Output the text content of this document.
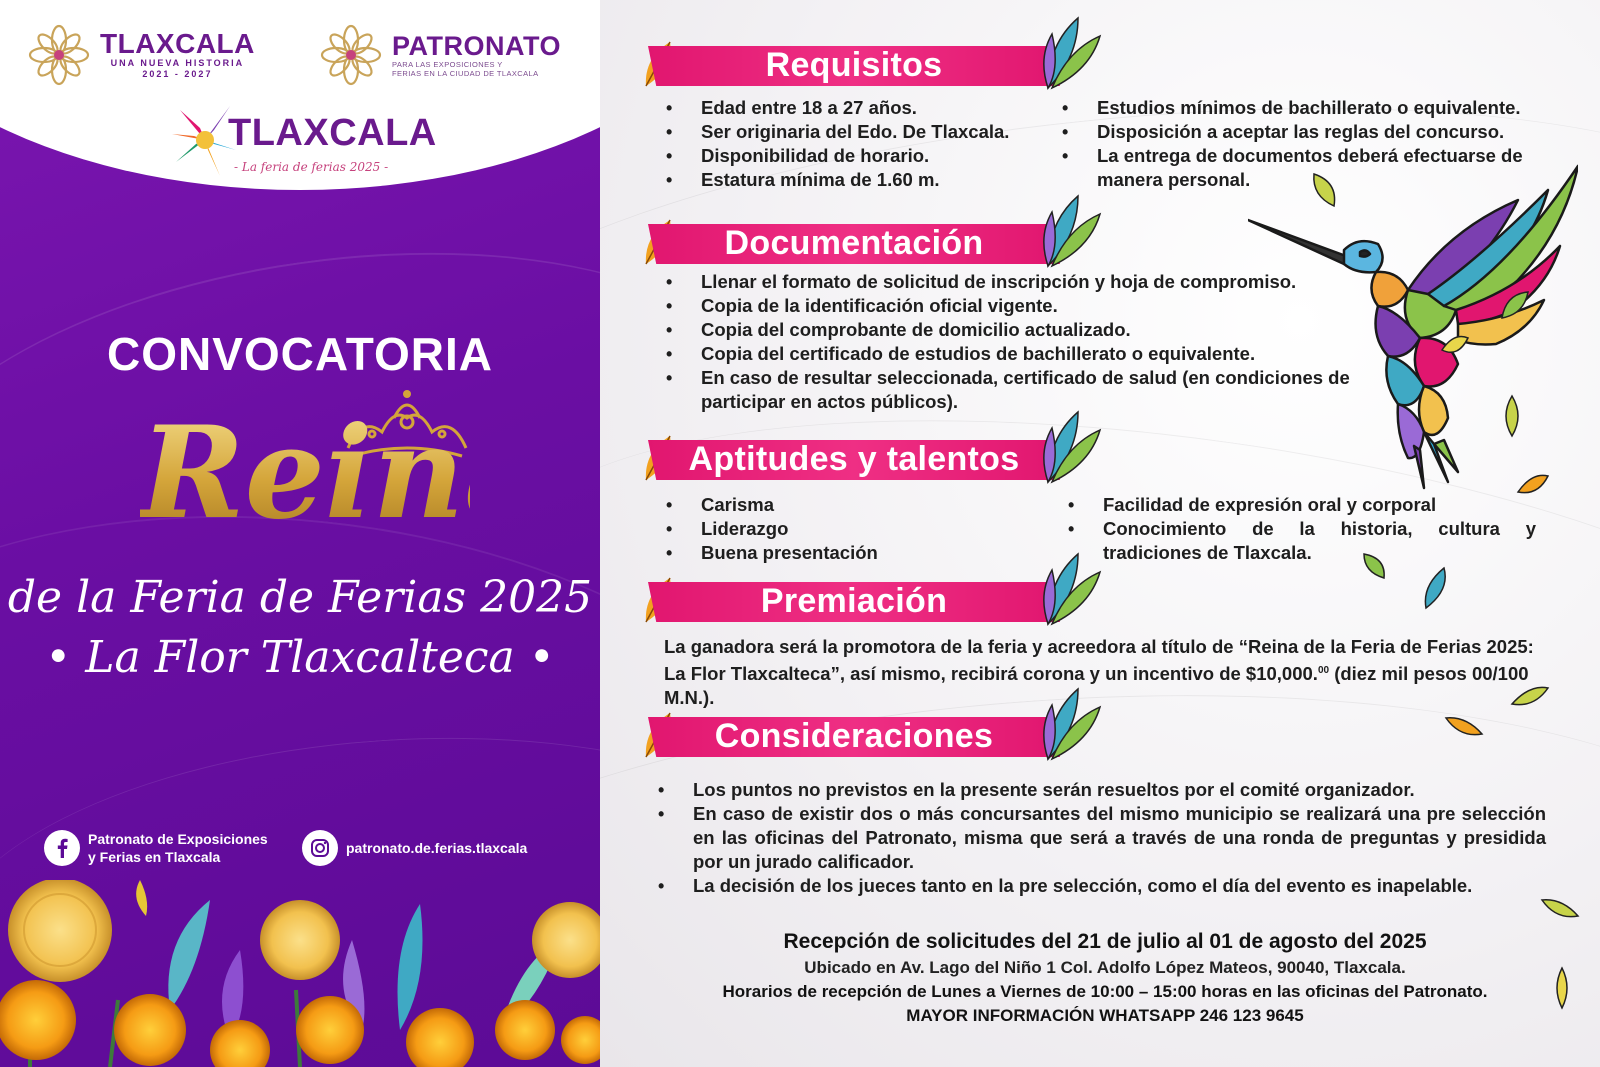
TLAXCALA
UNA NUEVA HISTORIA
2021 - 2027
PATRONATO
PARA LAS EXPOSICIONES Y
FERIAS EN LA CIUDAD DE TLAXCALA
TLAXCALA
- La feria de ferias 2025 -
CONVOCATORIA
Reina
de la Feria de Ferias 2025
• La Flor Tlaxcalteca •
Patronato de Exposiciones
y Ferias en Tlaxcala
patronato.de.ferias.tlaxcala
Requisitos
• Edad entre 18 a 27 años.
• Ser originaria del Edo. De Tlaxcala.
• Disponibilidad de horario.
• Estatura mínima de 1.60 m.
• Estudios mínimos de bachillerato o equivalente.
• Disposición a aceptar las reglas del concurso.
• La entrega de documentos deberá efectuarse de manera personal.
Documentación
• Llenar el formato de solicitud de inscripción y hoja de compromiso.
• Copia de la identificación oficial vigente.
• Copia del comprobante de domicilio actualizado.
• Copia del certificado de estudios de bachillerato o equivalente.
• En caso de resultar seleccionada, certificado de salud (en condiciones de participar en actos públicos).
Aptitudes y talentos
• Carisma
• Liderazgo
• Buena presentación
• Facilidad de expresión oral y corporal
• Conocimiento de la historia, cultura y tradiciones de Tlaxcala.
Premiación
La ganadora será la promotora de la feria y acreedora al título de “Reina de la Feria de Ferias 2025: La Flor Tlaxcalteca”, así mismo, recibirá corona y un incentivo de $10,000.00 (diez mil pesos 00/100 M.N.).
Consideraciones
• Los puntos no previstos en la presente serán resueltos por el comité organizador.
• En caso de existir dos o más concursantes del mismo municipio se realizará una pre selección en las oficinas del Patronato, misma que será a través de una ronda de preguntas y presidida por un jurado calificador.
• La decisión de los jueces tanto en la pre selección, como el día del evento es inapelable.
Recepción de solicitudes del 21 de julio al 01 de agosto del 2025
Ubicado en Av. Lago del Niño 1 Col. Adolfo López Mateos, 90040, Tlaxcala.
Horarios de recepción de Lunes a Viernes de 10:00 – 15:00 horas en las oficinas del Patronato.
MAYOR INFORMACIÓN WHATSAPP 246 123 9645
